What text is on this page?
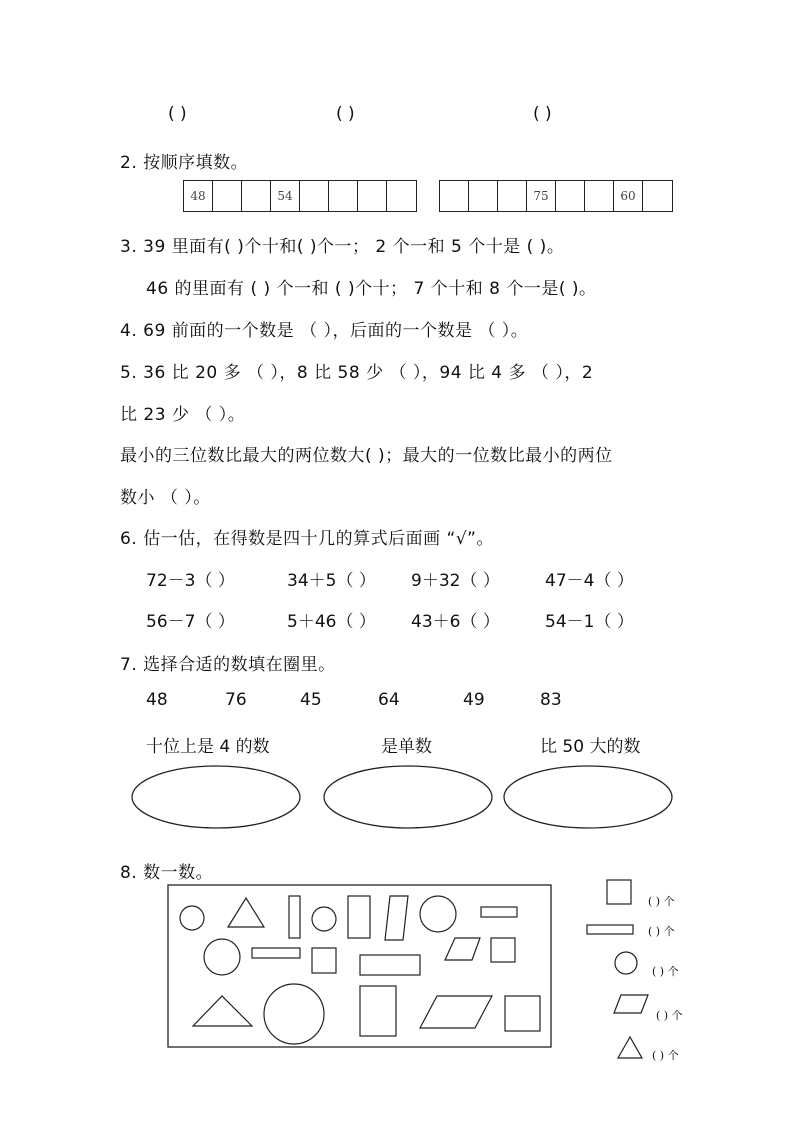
( )	( )	( )
2. 按顺序填数。
48	54	75	60
3. 39 里面有( )个十和( )个一； 2 个一和 5 个十是 ( )。
46 的里面有 ( ) 个一和 ( )个十； 7 个十和 8 个一是( )。
4. 69 前面的一个数是 （ ），后面的一个数是 （ ）。
5. 36 比 20 多 （ ），8 比 58 少 （ ），94 比 4 多 （ ），2
比 23 少 （ ）。
最小的三位数比最大的两位数大( )；最大的一位数比最小的两位
数小 （ ）。
6. 估一估，在得数是四十几的算式后面画 “√”。
72－3（ ）	34＋5（ ） 9＋32（ ）	47－4（ ）
56－7（ ）	5＋46（ ） 43＋6（ ）	54－1（ ）
7. 选择合适的数填在圈里。
48	76	45	64	49	83
十位上是 4 的数	是单数	比 50 大的数
8. 数一数。
( ) 个
( ) 个
( ) 个
( ) 个
( ) 个
